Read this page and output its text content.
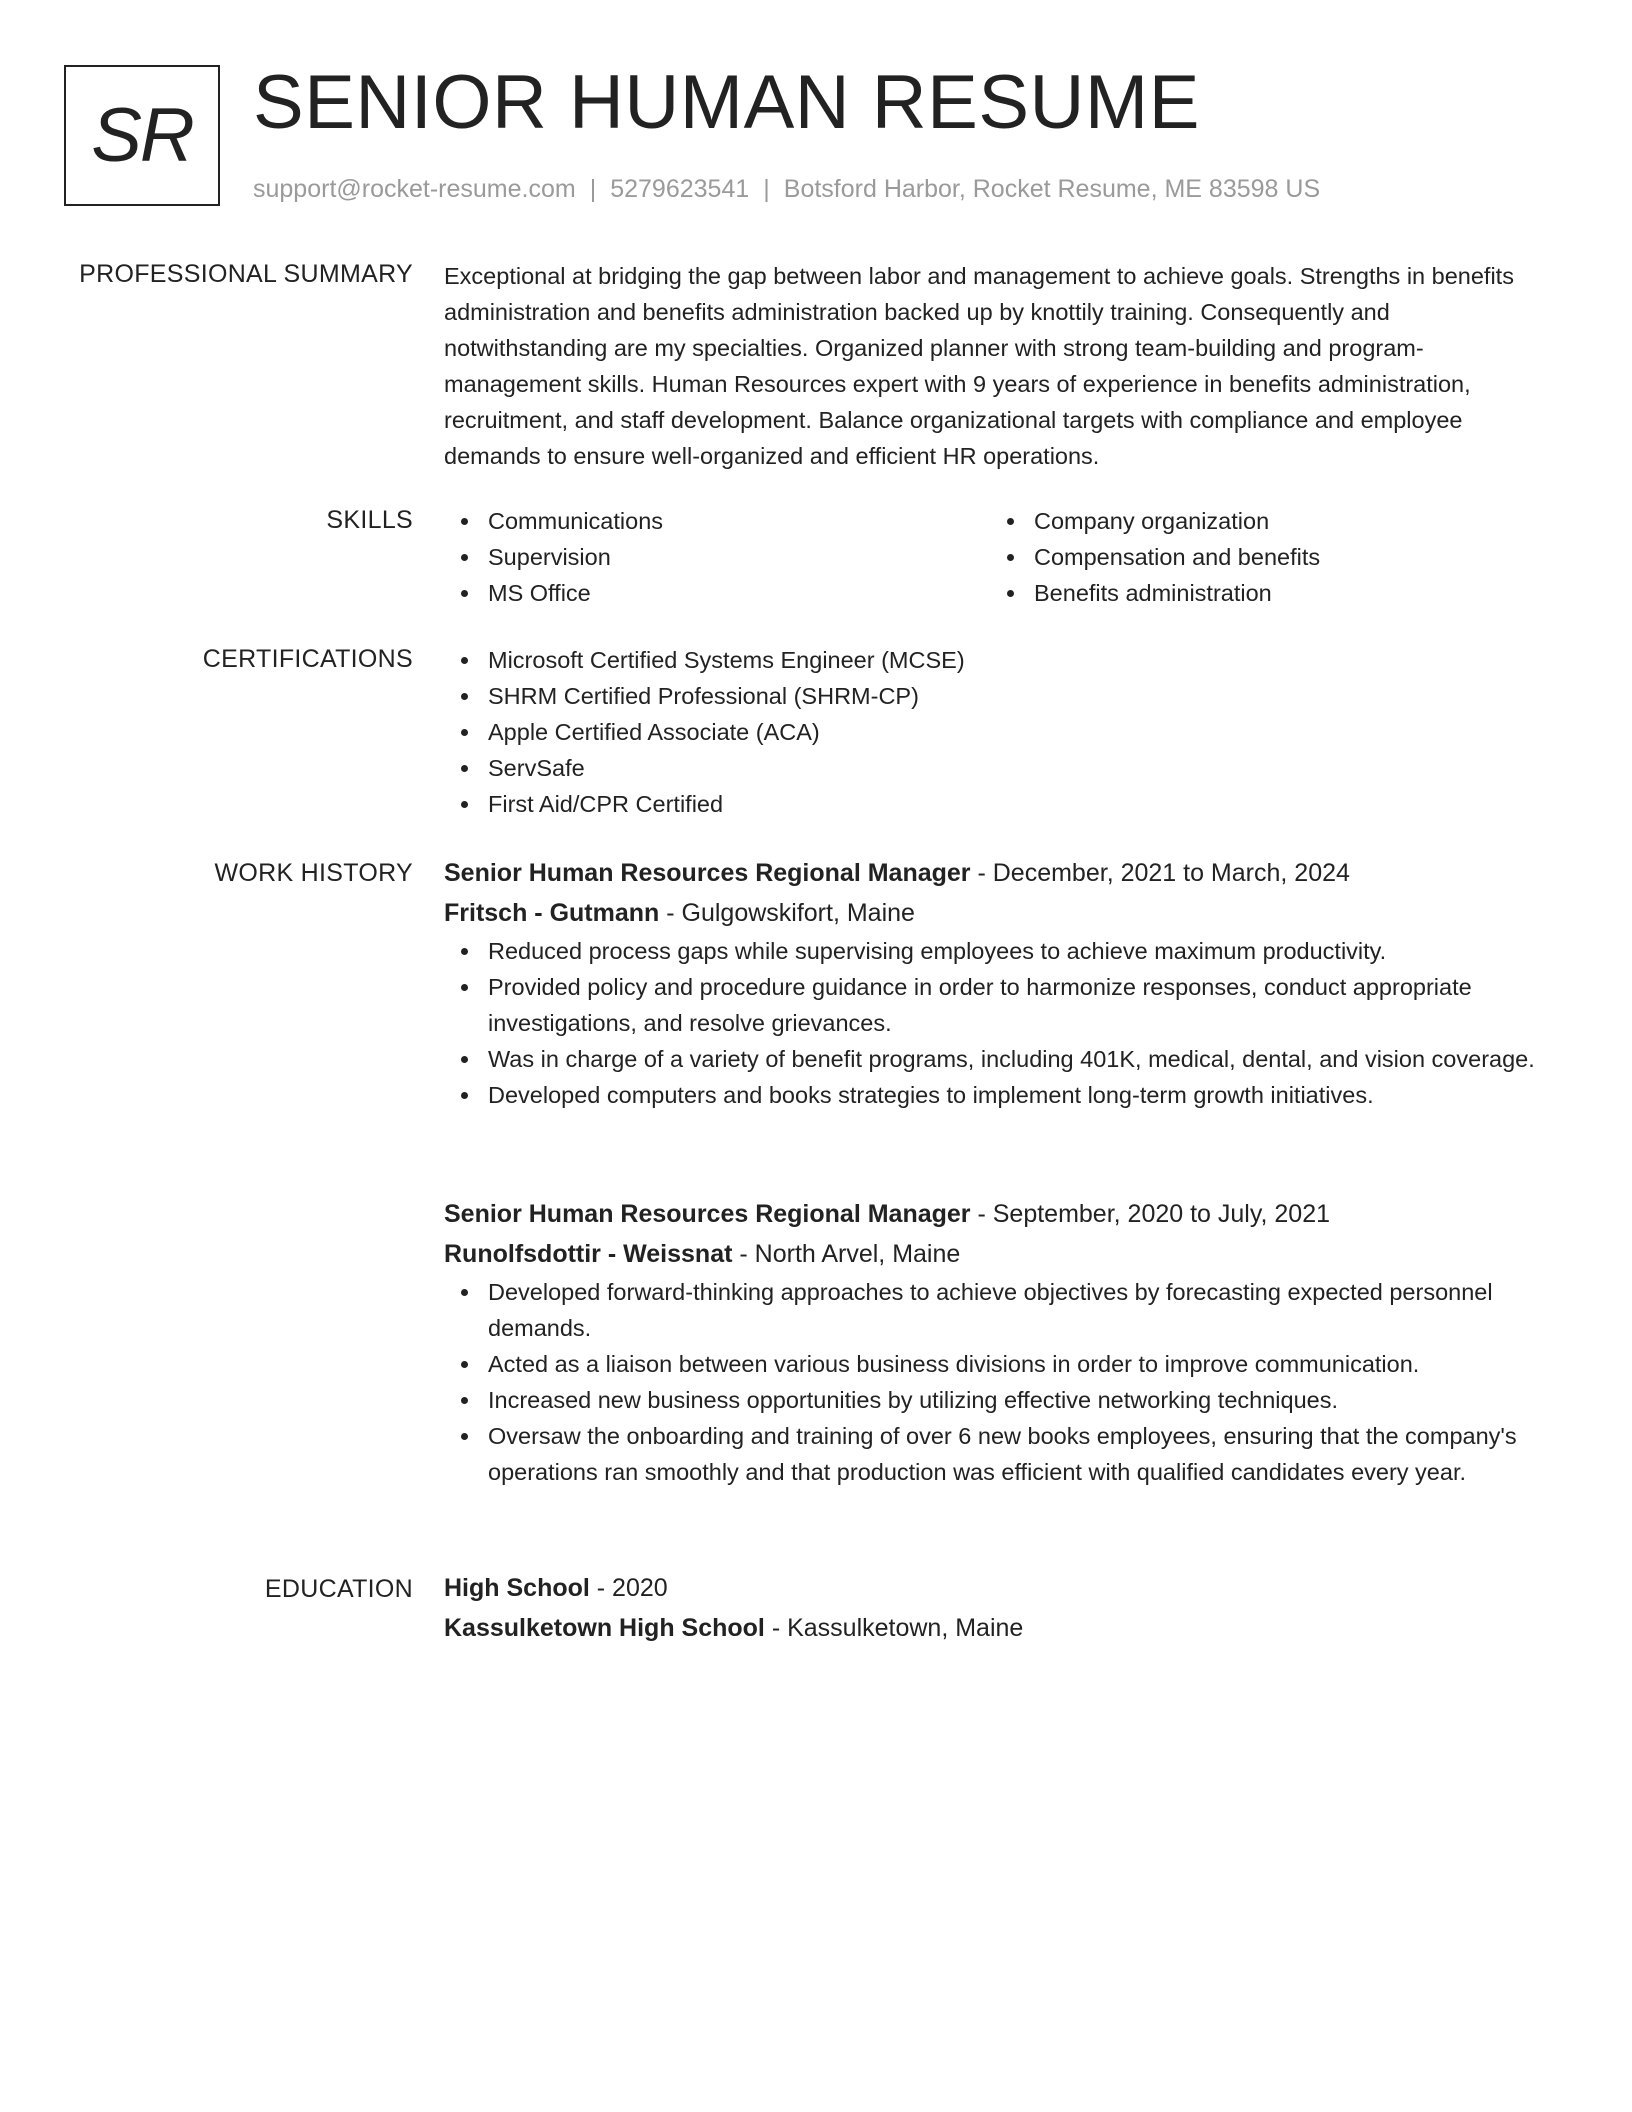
SR SENIOR HUMAN RESUME
support@rocket-resume.com | 5279623541 | Botsford Harbor, Rocket Resume, ME 83598 US
PROFESSIONAL SUMMARY Exceptional at bridging the gap between labor and management to achieve goals. Strengths in benefits administration and benefits administration backed up by knottily training. Consequently and notwithstanding are my specialties. Organized planner with strong team-building and program-management skills. Human Resources expert with 9 years of experience in benefits administration, recruitment, and staff development. Balance organizational targets with compliance and employee demands to ensure well-organized and efficient HR operations.

SKILLS	Communications
Supervision
MS Office
Company organization
Compensation and benefits
Benefits administration
CERTIFICATIONS	Microsoft Certified Systems Engineer (MCSE)
SHRM Certified Professional (SHRM-CP)
Apple Certified Associate (ACA)
ServSafe
First Aid/CPR Certified
WORK HISTORY Senior Human Resources Regional Manager - December, 2021 to March, 2024
Fritsch - Gutmann - Gulgowskifort, Maine
Reduced process gaps while supervising employees to achieve maximum productivity.
Provided policy and procedure guidance in order to harmonize responses, conduct appropriate investigations, and resolve grievances.
Was in charge of a variety of benefit programs, including 401K, medical, dental, and vision coverage.
Developed computers and books strategies to implement long-term growth initiatives.
Senior Human Resources Regional Manager - September, 2020 to July, 2021
Runolfsdottir - Weissnat - North Arvel, Maine
Developed forward-thinking approaches to achieve objectives by forecasting expected personnel demands.
Acted as a liaison between various business divisions in order to improve communication.
Increased new business opportunities by utilizing effective networking techniques.
Oversaw the onboarding and training of over 6 new books employees, ensuring that the company's operations ran smoothly and that production was efficient with qualified candidates every year.
EDUCATION High School - 2020
Kassulketown High School - Kassulketown, Maine
